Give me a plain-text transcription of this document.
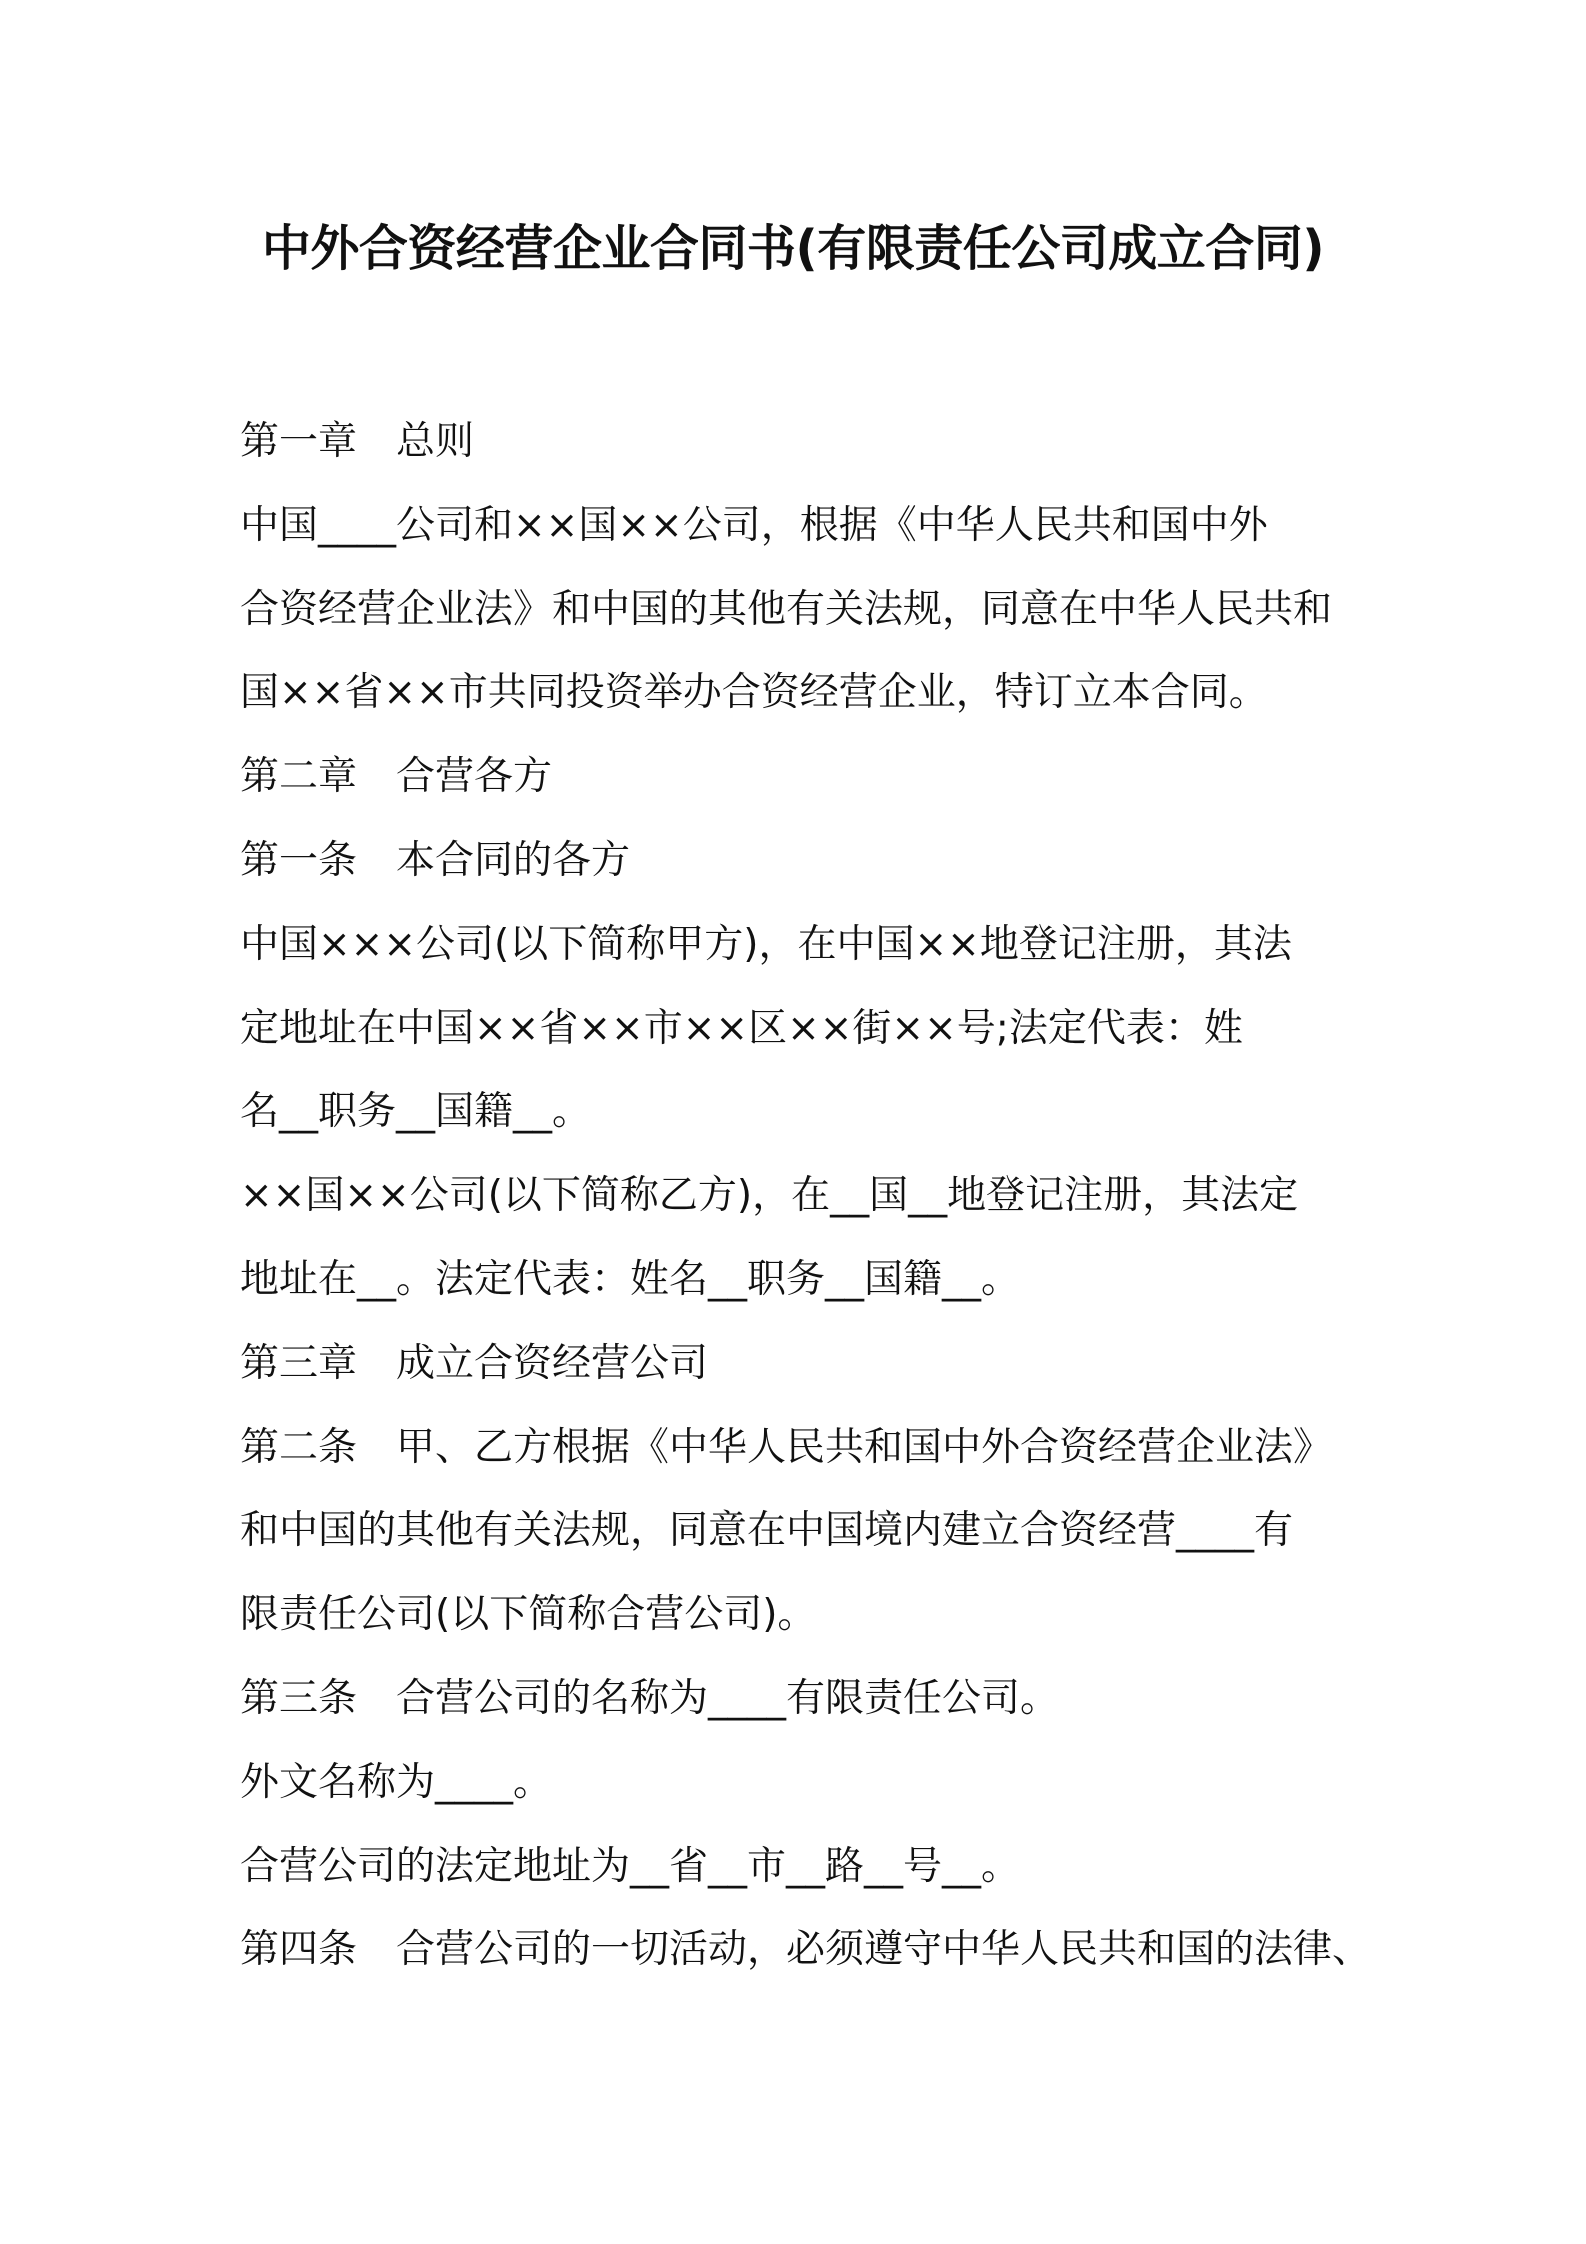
中外合资经营企业合同书(有限责任公司成立合同)
第一章　总则
中国____公司和××国××公司，根据《中华人民共和国中外
合资经营企业法》和中国的其他有关法规，同意在中华人民共和
国××省××市共同投资举办合资经营企业，特订立本合同。
第二章　合营各方
第一条　本合同的各方
中国×××公司(以下简称甲方)，在中国××地登记注册，其法
定地址在中国××省××市××区××街××号;法定代表：姓
名__职务__国籍__。
××国××公司(以下简称乙方)，在__国__地登记注册，其法定
地址在__。法定代表：姓名__职务__国籍__。
第三章　成立合资经营公司
第二条　甲、乙方根据《中华人民共和国中外合资经营企业法》
和中国的其他有关法规，同意在中国境内建立合资经营____有
限责任公司(以下简称合营公司)。
第三条　合营公司的名称为____有限责任公司。
外文名称为____。
合营公司的法定地址为__省__市__路__号__。
第四条　合营公司的一切活动，必须遵守中华人民共和国的法律、
